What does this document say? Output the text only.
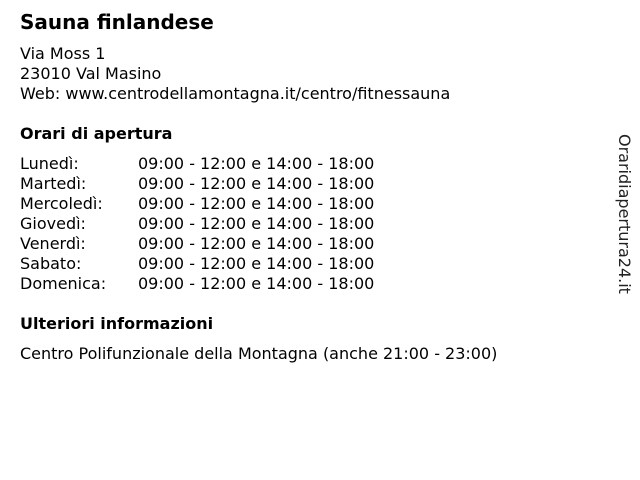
Sauna finlandese
Via Moss 1
23010 Val Masino
Web: www.centrodellamontagna.it/centro/fitnessauna
Orari di apertura
Lunedì:	09:00 - 12:00 e 14:00 - 18:00
Martedì:	09:00 - 12:00 e 14:00 - 18:00
Mercoledì: 09:00 - 12:00 e 14:00 - 18:00
Giovedì:	09:00 - 12:00 e 14:00 - 18:00
Venerdì:	09:00 - 12:00 e 14:00 - 18:00
Sabato:	09:00 - 12:00 e 14:00 - 18:00
Domenica: 09:00 - 12:00 e 14:00 - 18:00
Ulteriori informazioni
Centro Polifunzionale della Montagna (anche 21:00 - 23:00)
Oraridiapertura24.it
